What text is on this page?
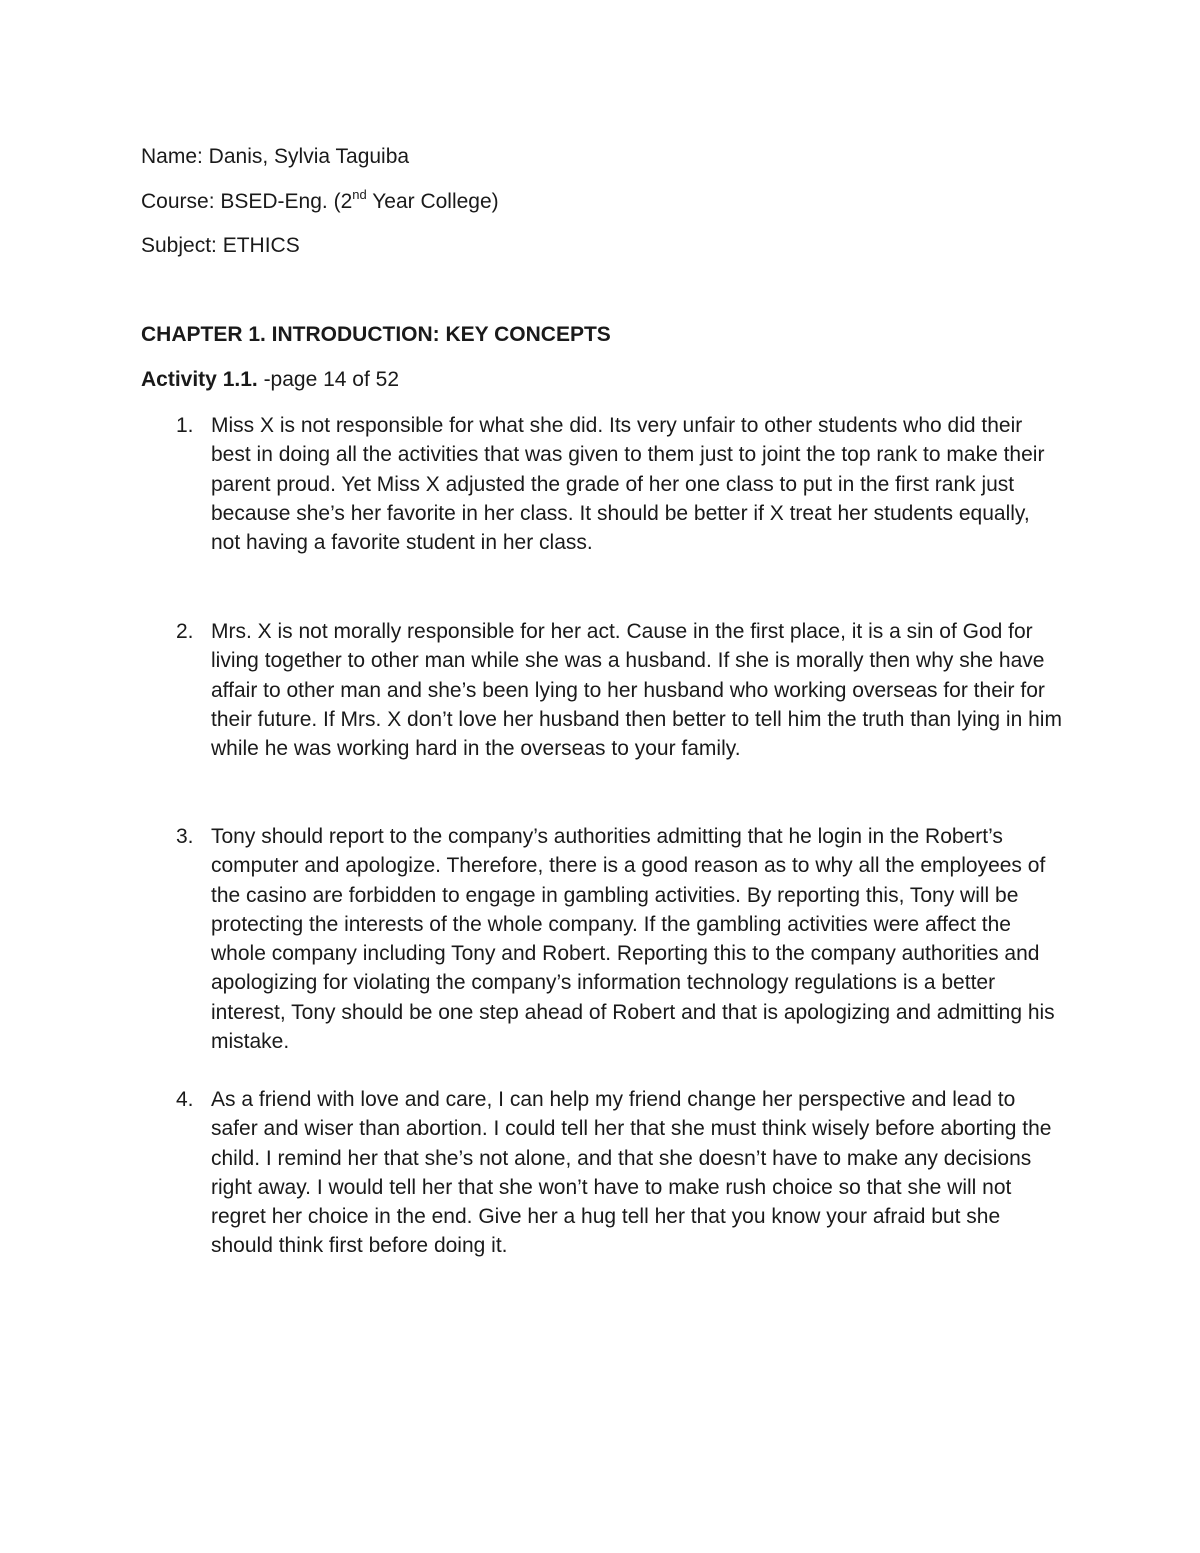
Name: Danis, Sylvia Taguiba
Course: BSED-Eng. (2nd Year College)
Subject: ETHICS
CHAPTER 1. INTRODUCTION: KEY CONCEPTS
Activity 1.1. -page 14 of 52
1. Miss X is not responsible for what she did. Its very unfair to other students who did their best in doing all the activities that was given to them just to joint the top rank to make their parent proud. Yet Miss X adjusted the grade of her one class to put in the first rank just because she’s her favorite in her class. It should be better if X treat her students equally, not having a favorite student in her class.

2. Mrs. X is not morally responsible for her act. Cause in the first place, it is a sin of God for living together to other man while she was a husband. If she is morally then why she have affair to other man and she’s been lying to her husband who working overseas for their for their future. If Mrs. X don’t love her husband then better to tell him the truth than lying in him while he was working hard in the overseas to your family.

3. Tony should report to the company’s authorities admitting that he login in the Robert’s computer and apologize. Therefore, there is a good reason as to why all the employees of the casino are forbidden to engage in gambling activities. By reporting this, Tony will be protecting the interests of the whole company. If the gambling activities were affect the whole company including Tony and Robert. Reporting this to the company authorities and apologizing for violating the company’s information technology regulations is a better interest, Tony should be one step ahead of Robert and that is apologizing and admitting his mistake.

4. As a friend with love and care, I can help my friend change her perspective and lead to safer and wiser than abortion. I could tell her that she must think wisely before aborting the child. I remind her that she’s not alone, and that she doesn’t have to make any decisions right away. I would tell her that she won’t have to make rush choice so that she will not regret her choice in the end. Give her a hug tell her that you know your afraid but she should think first before doing it.
